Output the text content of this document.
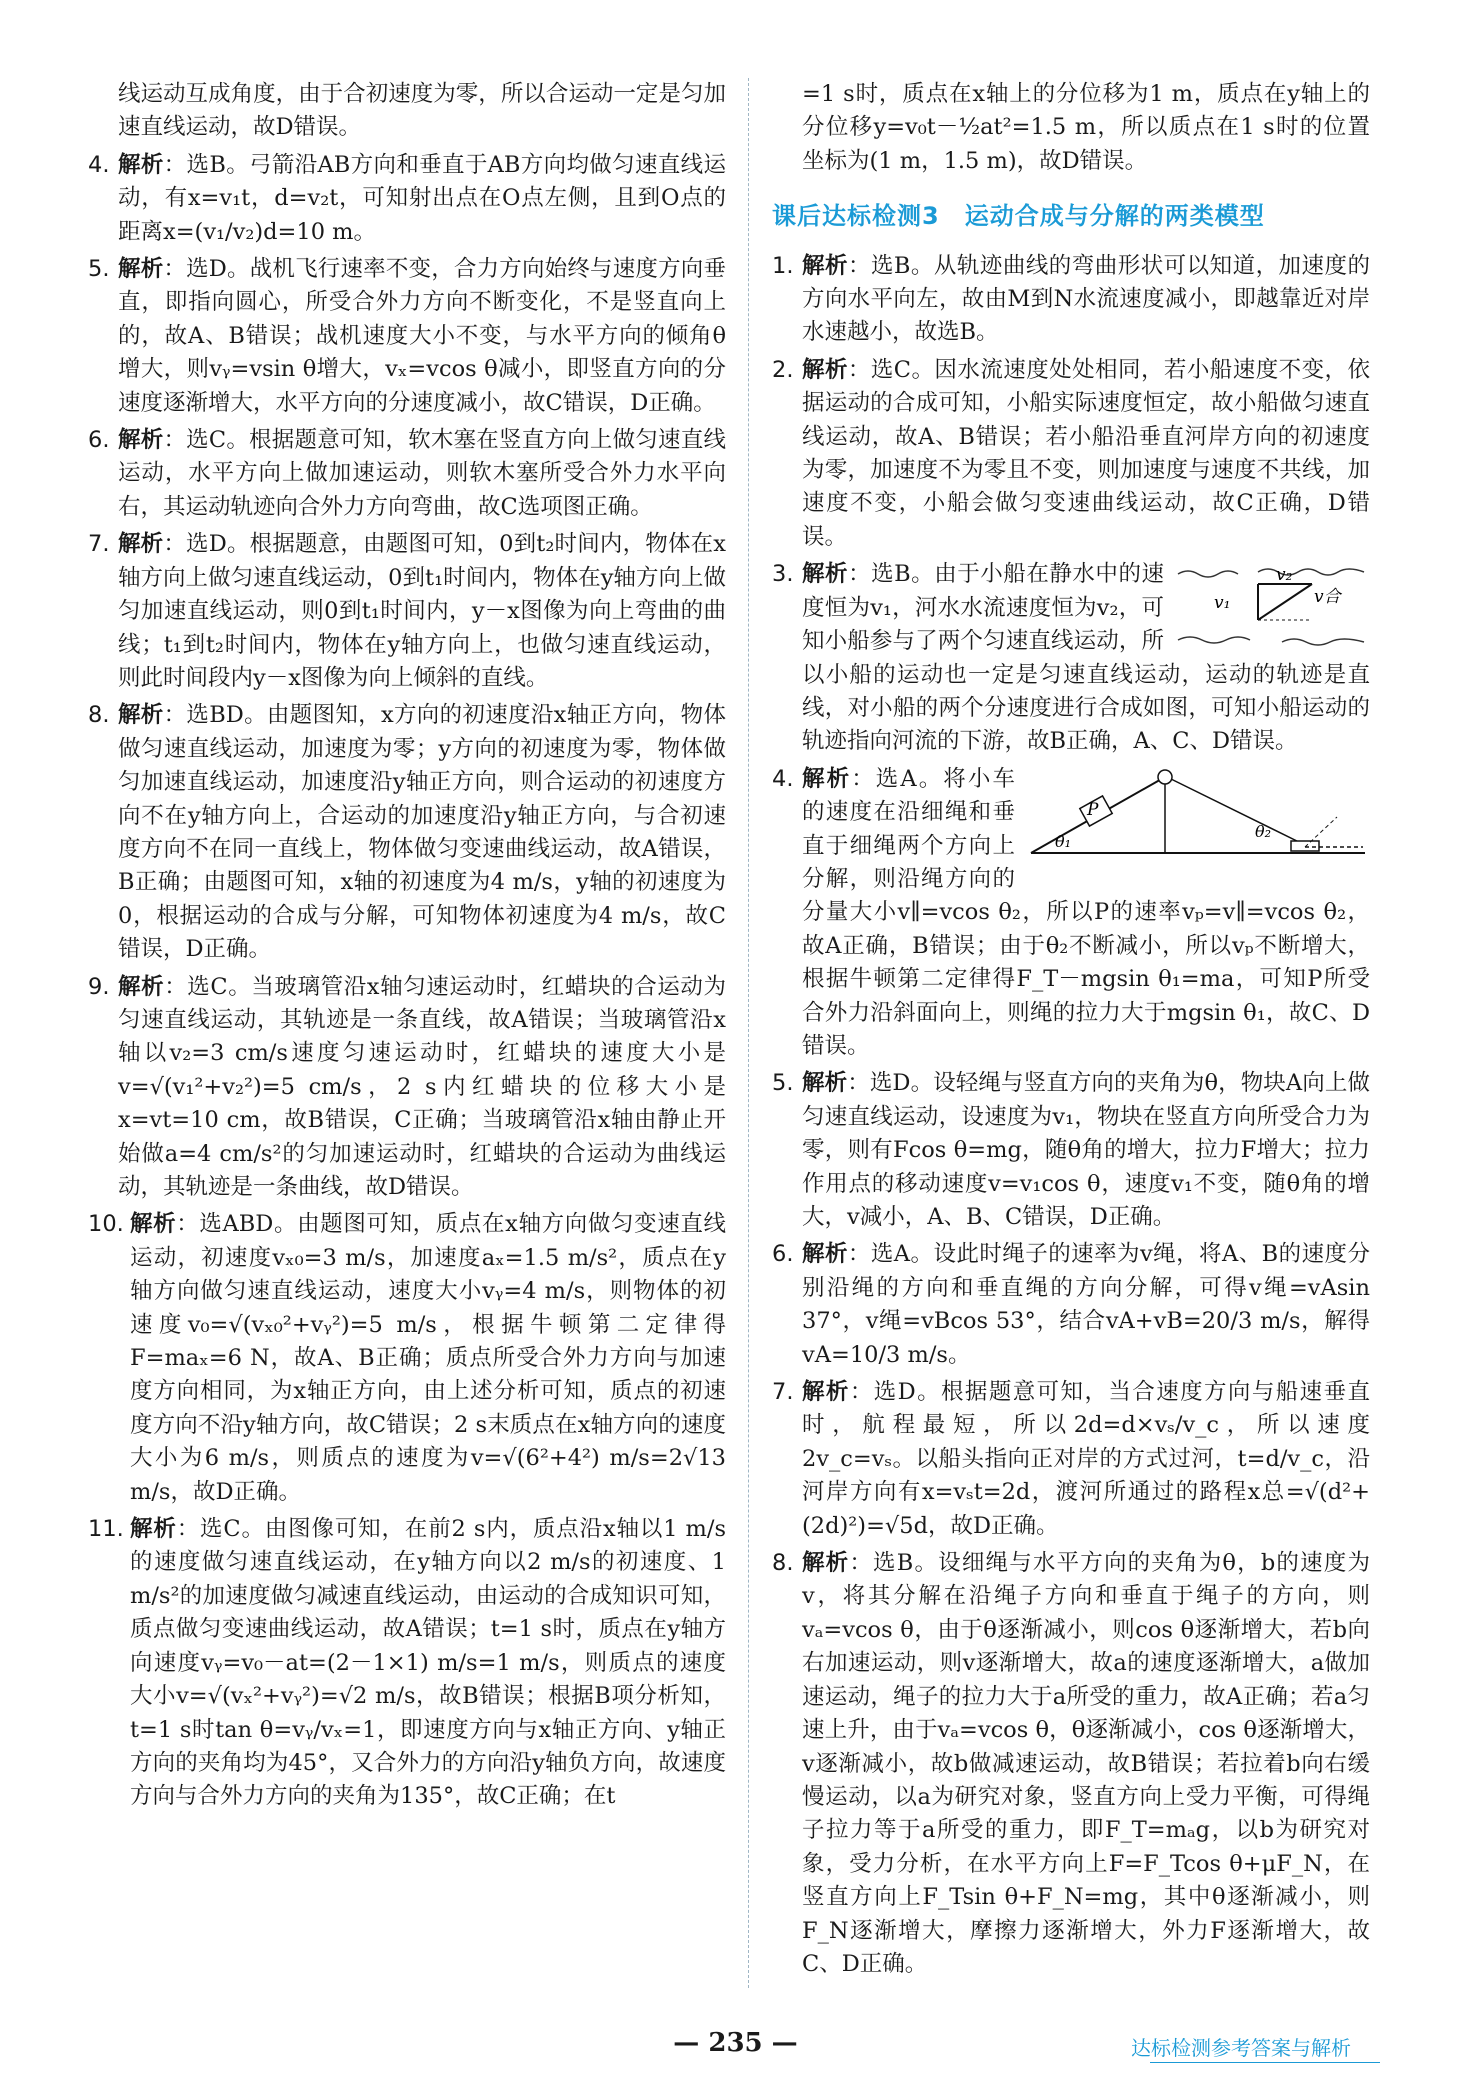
线运动互成角度，由于合初速度为零，所以合运动一定是匀加速直线运动，故D错误。
4. 解析：选B。弓箭沿AB方向和垂直于AB方向均做匀速直线运动，有x=v₁t，d=v₂t，可知射出点在O点左侧，且到O点的距离x=(v₁/v₂)d=10 m。
5. 解析：选D。战机飞行速率不变，合力方向始终与速度方向垂直，即指向圆心，所受合外力方向不断变化，不是竖直向上的，故A、B错误；战机速度大小不变，与水平方向的倾角θ增大，则vᵧ=vsin θ增大，vₓ=vcos θ减小，即竖直方向的分速度逐渐增大，水平方向的分速度减小，故C错误，D正确。
6. 解析：选C。根据题意可知，软木塞在竖直方向上做匀速直线运动，水平方向上做加速运动，则软木塞所受合外力水平向右，其运动轨迹向合外力方向弯曲，故C选项图正确。
7. 解析：选D。根据题意，由题图可知，0到t₂时间内，物体在x轴方向上做匀速直线运动，0到t₁时间内，物体在y轴方向上做匀加速直线运动，则0到t₁时间内，y－x图像为向上弯曲的曲线；t₁到t₂时间内，物体在y轴方向上，也做匀速直线运动，则此时间段内y－x图像为向上倾斜的直线。
8. 解析：选BD。由题图知，x方向的初速度沿x轴正方向，物体做匀速直线运动，加速度为零；y方向的初速度为零，物体做匀加速直线运动，加速度沿y轴正方向，则合运动的初速度方向不在y轴方向上，合运动的加速度沿y轴正方向，与合初速度方向不在同一直线上，物体做匀变速曲线运动，故A错误，B正确；由题图可知，x轴的初速度为4 m/s，y轴的初速度为0，根据运动的合成与分解，可知物体初速度为4 m/s，故C错误，D正确。
9. 解析：选C。当玻璃管沿x轴匀速运动时，红蜡块的合运动为匀速直线运动，其轨迹是一条直线，故A错误；当玻璃管沿x轴以v₂=3 cm/s速度匀速运动时，红蜡块的速度大小是v=√(v₁²+v₂²)=5 cm/s，2 s内红蜡块的位移大小是x=vt=10 cm，故B错误，C正确；当玻璃管沿x轴由静止开始做a=4 cm/s²的匀加速运动时，红蜡块的合运动为曲线运动，其轨迹是一条曲线，故D错误。
10. 解析：选ABD。由题图可知，质点在x轴方向做匀变速直线运动，初速度vₓ₀=3 m/s，加速度aₓ=1.5 m/s²，质点在y轴方向做匀速直线运动，速度大小vᵧ=4 m/s，则物体的初速度v₀=√(vₓ₀²+vᵧ²)=5 m/s，根据牛顿第二定律得F=maₓ=6 N，故A、B正确；质点所受合外力方向与加速度方向相同，为x轴正方向，由上述分析可知，质点的初速度方向不沿y轴方向，故C错误；2 s末质点在x轴方向的速度大小为6 m/s，则质点的速度为v=√(6²+4²) m/s=2√13 m/s，故D正确。
11. 解析：选C。由图像可知，在前2 s内，质点沿x轴以1 m/s的速度做匀速直线运动，在y轴方向以2 m/s的初速度、1 m/s²的加速度做匀减速直线运动，由运动的合成知识可知，质点做匀变速曲线运动，故A错误；t=1 s时，质点在y轴方向速度vᵧ=v₀－at=(2－1×1) m/s=1 m/s，则质点的速度大小v=√(vₓ²+vᵧ²)=√2 m/s，故B错误；根据B项分析知，t=1 s时tan θ=vᵧ/vₓ=1，即速度方向与x轴正方向、y轴正方向的夹角均为45°，又合外力的方向沿y轴负方向，故速度方向与合外力方向的夹角为135°，故C正确；在t
=1 s时，质点在x轴上的分位移为1 m，质点在y轴上的分位移y=v₀t－½at²=1.5 m，所以质点在1 s时的位置坐标为(1 m，1.5 m)，故D错误。
课后达标检测3　运动合成与分解的两类模型
1. 解析：选B。从轨迹曲线的弯曲形状可以知道，加速度的方向水平向左，故由M到N水流速度减小，即越靠近对岸水速越小，故选B。
2. 解析：选C。因水流速度处处相同，若小船速度不变，依据运动的合成可知，小船实际速度恒定，故小船做匀速直线运动，故A、B错误；若小船沿垂直河岸方向的初速度为零，加速度不为零且不变，则加速度与速度不共线，加速度不变，小船会做匀变速曲线运动，故C正确，D错误。
3.
v₁
v₂
v合
解析：选B。由于小船在静水中的速度恒为v₁，河水水流速度恒为v₂，可知小船参与了两个匀速直线运动，所以小船的运动也一定是匀速直线运动，运动的轨迹是直线，对小船的两个分速度进行合成如图，可知小船运动的轨迹指向河流的下游，故B正确，A、C、D错误。
4.
P
θ₁
θ₂
解析：选A。将小车的速度在沿细绳和垂直于细绳两个方向上分解，则沿绳方向的分量大小v∥=vcos θ₂，所以P的速率vₚ=v∥=vcos θ₂，故A正确，B错误；由于θ₂不断减小，所以vₚ不断增大，根据牛顿第二定律得F_T－mgsin θ₁=ma，可知P所受合外力沿斜面向上，则绳的拉力大于mgsin θ₁，故C、D错误。
5. 解析：选D。设轻绳与竖直方向的夹角为θ，物块A向上做匀速直线运动，设速度为v₁，物块在竖直方向所受合力为零，则有Fcos θ=mg，随θ角的增大，拉力F增大；拉力作用点的移动速度v=v₁cos θ，速度v₁不变，随θ角的增大，v减小，A、B、C错误，D正确。
6. 解析：选A。设此时绳子的速率为v绳，将A、B的速度分别沿绳的方向和垂直绳的方向分解，可得v绳=vAsin 37°，v绳=vBcos 53°，结合vA+vB=20/3 m/s，解得vA=10/3 m/s。
7. 解析：选D。根据题意可知，当合速度方向与船速垂直时，航程最短，所以2d=d×vₛ/v_c，所以速度2v_c=vₛ。以船头指向正对岸的方式过河，t=d/v_c，沿河岸方向有x=vₛt=2d，渡河所通过的路程x总=√(d²+(2d)²)=√5d，故D正确。
8. 解析：选B。设细绳与水平方向的夹角为θ，b的速度为v，将其分解在沿绳子方向和垂直于绳子的方向，则vₐ=vcos θ，由于θ逐渐减小，则cos θ逐渐增大，若b向右加速运动，则v逐渐增大，故a的速度逐渐增大，a做加速运动，绳子的拉力大于a所受的重力，故A正确；若a匀速上升，由于vₐ=vcos θ，θ逐渐减小，cos θ逐渐增大，v逐渐减小，故b做减速运动，故B错误；若拉着b向右缓慢运动，以a为研究对象，竖直方向上受力平衡，可得绳子拉力等于a所受的重力，即F_T=mₐg，以b为研究对象，受力分析，在水平方向上F=F_Tcos θ+μF_N，在竖直方向上F_Tsin θ+F_N=mg，其中θ逐渐减小，则F_N逐渐增大，摩擦力逐渐增大，外力F逐渐增大，故C、D正确。
— 235 —	达标检测参考答案与解析
